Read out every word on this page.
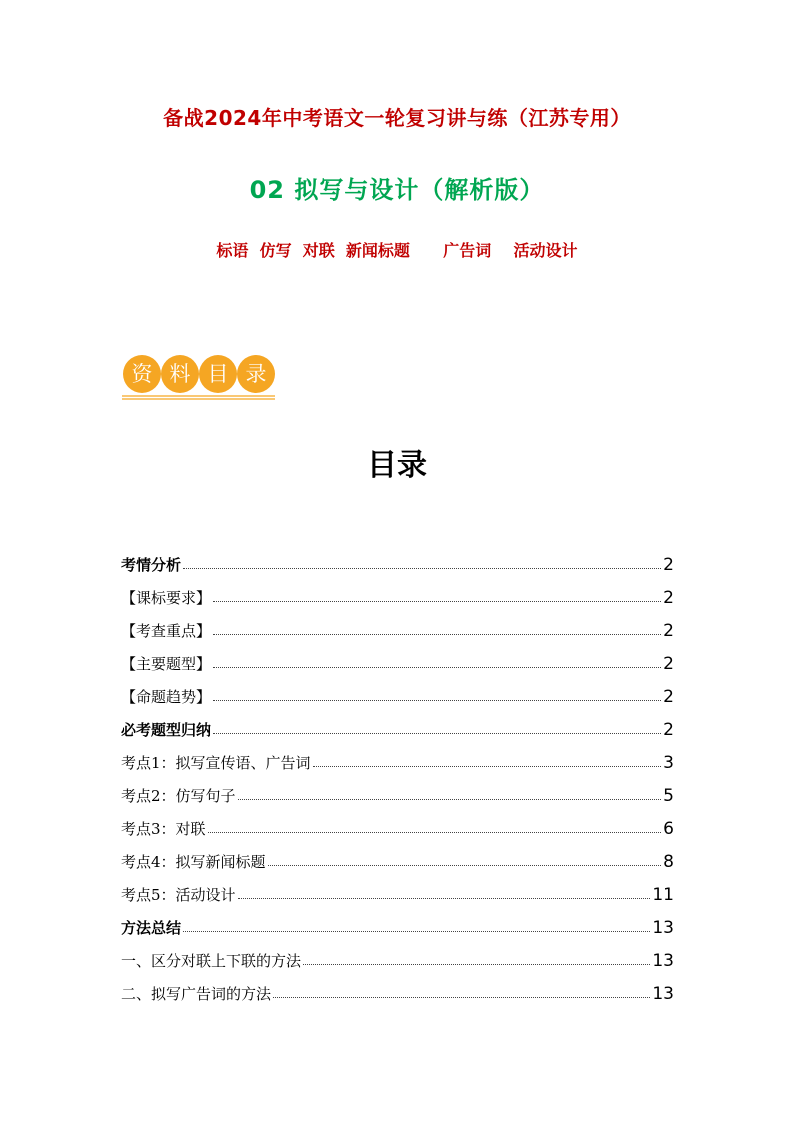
备战2024年中考语文一轮复习讲与练（江苏专用）
02 拟写与设计（解析版）
标语  仿写  对联  新闻标题      广告词    活动设计
资 料 目 录
目录
考情分析	2
【课标要求】	2
【考查重点】	2
【主要题型】	2
【命题趋势】	2
必考题型归纳	2
考点1：拟写宣传语、广告词	3
考点2：仿写句子	5
考点3：对联	6
考点4：拟写新闻标题	8
考点5：活动设计	11
方法总结	13
一、区分对联上下联的方法	13
二、拟写广告词的方法	13
